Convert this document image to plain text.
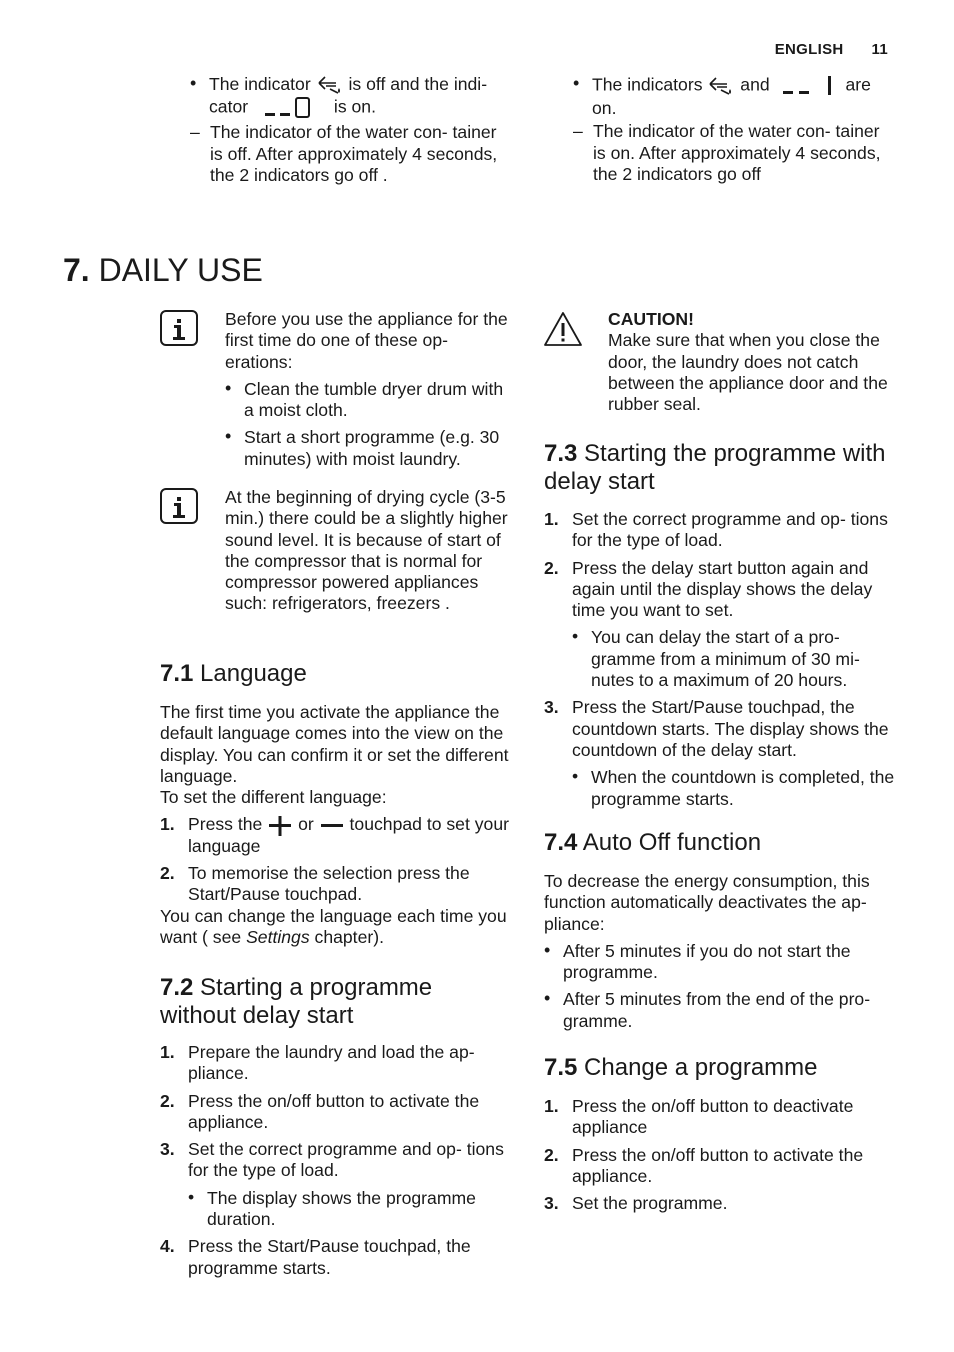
ENGLISH 11
• The indicator is off and the indi-
cator	is on.
– The indicator of the water con- tainer is off. After approximately 4 seconds, the 2 indicators go off .
• The indicators and	are
on.
– The indicator of the water con- tainer is on. After approximately 4 seconds, the 2 indicators go off
7. DAILY USE
Before you use the appliance for the first time do one of these op- erations:
• Clean the tumble dryer drum with a moist cloth.
• Start a short programme (e.g. 30 minutes) with moist laundry.
At the beginning of drying cycle (3-5 min.) there could be a slightly higher sound level. It is because of start of the compressor that is normal for compressor powered appliances such: refrigerators, freezers .
7.1 Language
The first time you activate the appliance the default language comes into the view on the display. You can confirm it or set the different language.
To set the different language:
1. Press the or touchpad to set your language
2. To memorise the selection press the Start/Pause touchpad.
You can change the language each time you want ( see Settings chapter).
7.2 Starting a programme without delay start
1. Prepare the laundry and load the ap- pliance.
2. Press the on/off button to activate the appliance.
3. Set the correct programme and op- tions for the type of load.
• The display shows the programme duration.
4. Press the Start/Pause touchpad, the programme starts.
CAUTION!
Make sure that when you close the door, the laundry does not catch between the appliance door and the rubber seal.
7.3 Starting the programme with delay start
1. Set the correct programme and op- tions for the type of load.
2. Press the delay start button again and again until the display shows the delay time you want to set.
• You can delay the start of a pro- gramme from a minimum of 30 mi- nutes to a maximum of 20 hours.
3. Press the Start/Pause touchpad, the countdown starts. The display shows the countdown of the delay start.
• When the countdown is completed, the programme starts.
7.4 Auto Off function
To decrease the energy consumption, this function automatically deactivates the ap- pliance:
• After 5 minutes if you do not start the programme.
• After 5 minutes from the end of the pro- gramme.
7.5 Change a programme
1. Press the on/off button to deactivate appliance
2. Press the on/off button to activate the appliance.
3. Set the programme.
